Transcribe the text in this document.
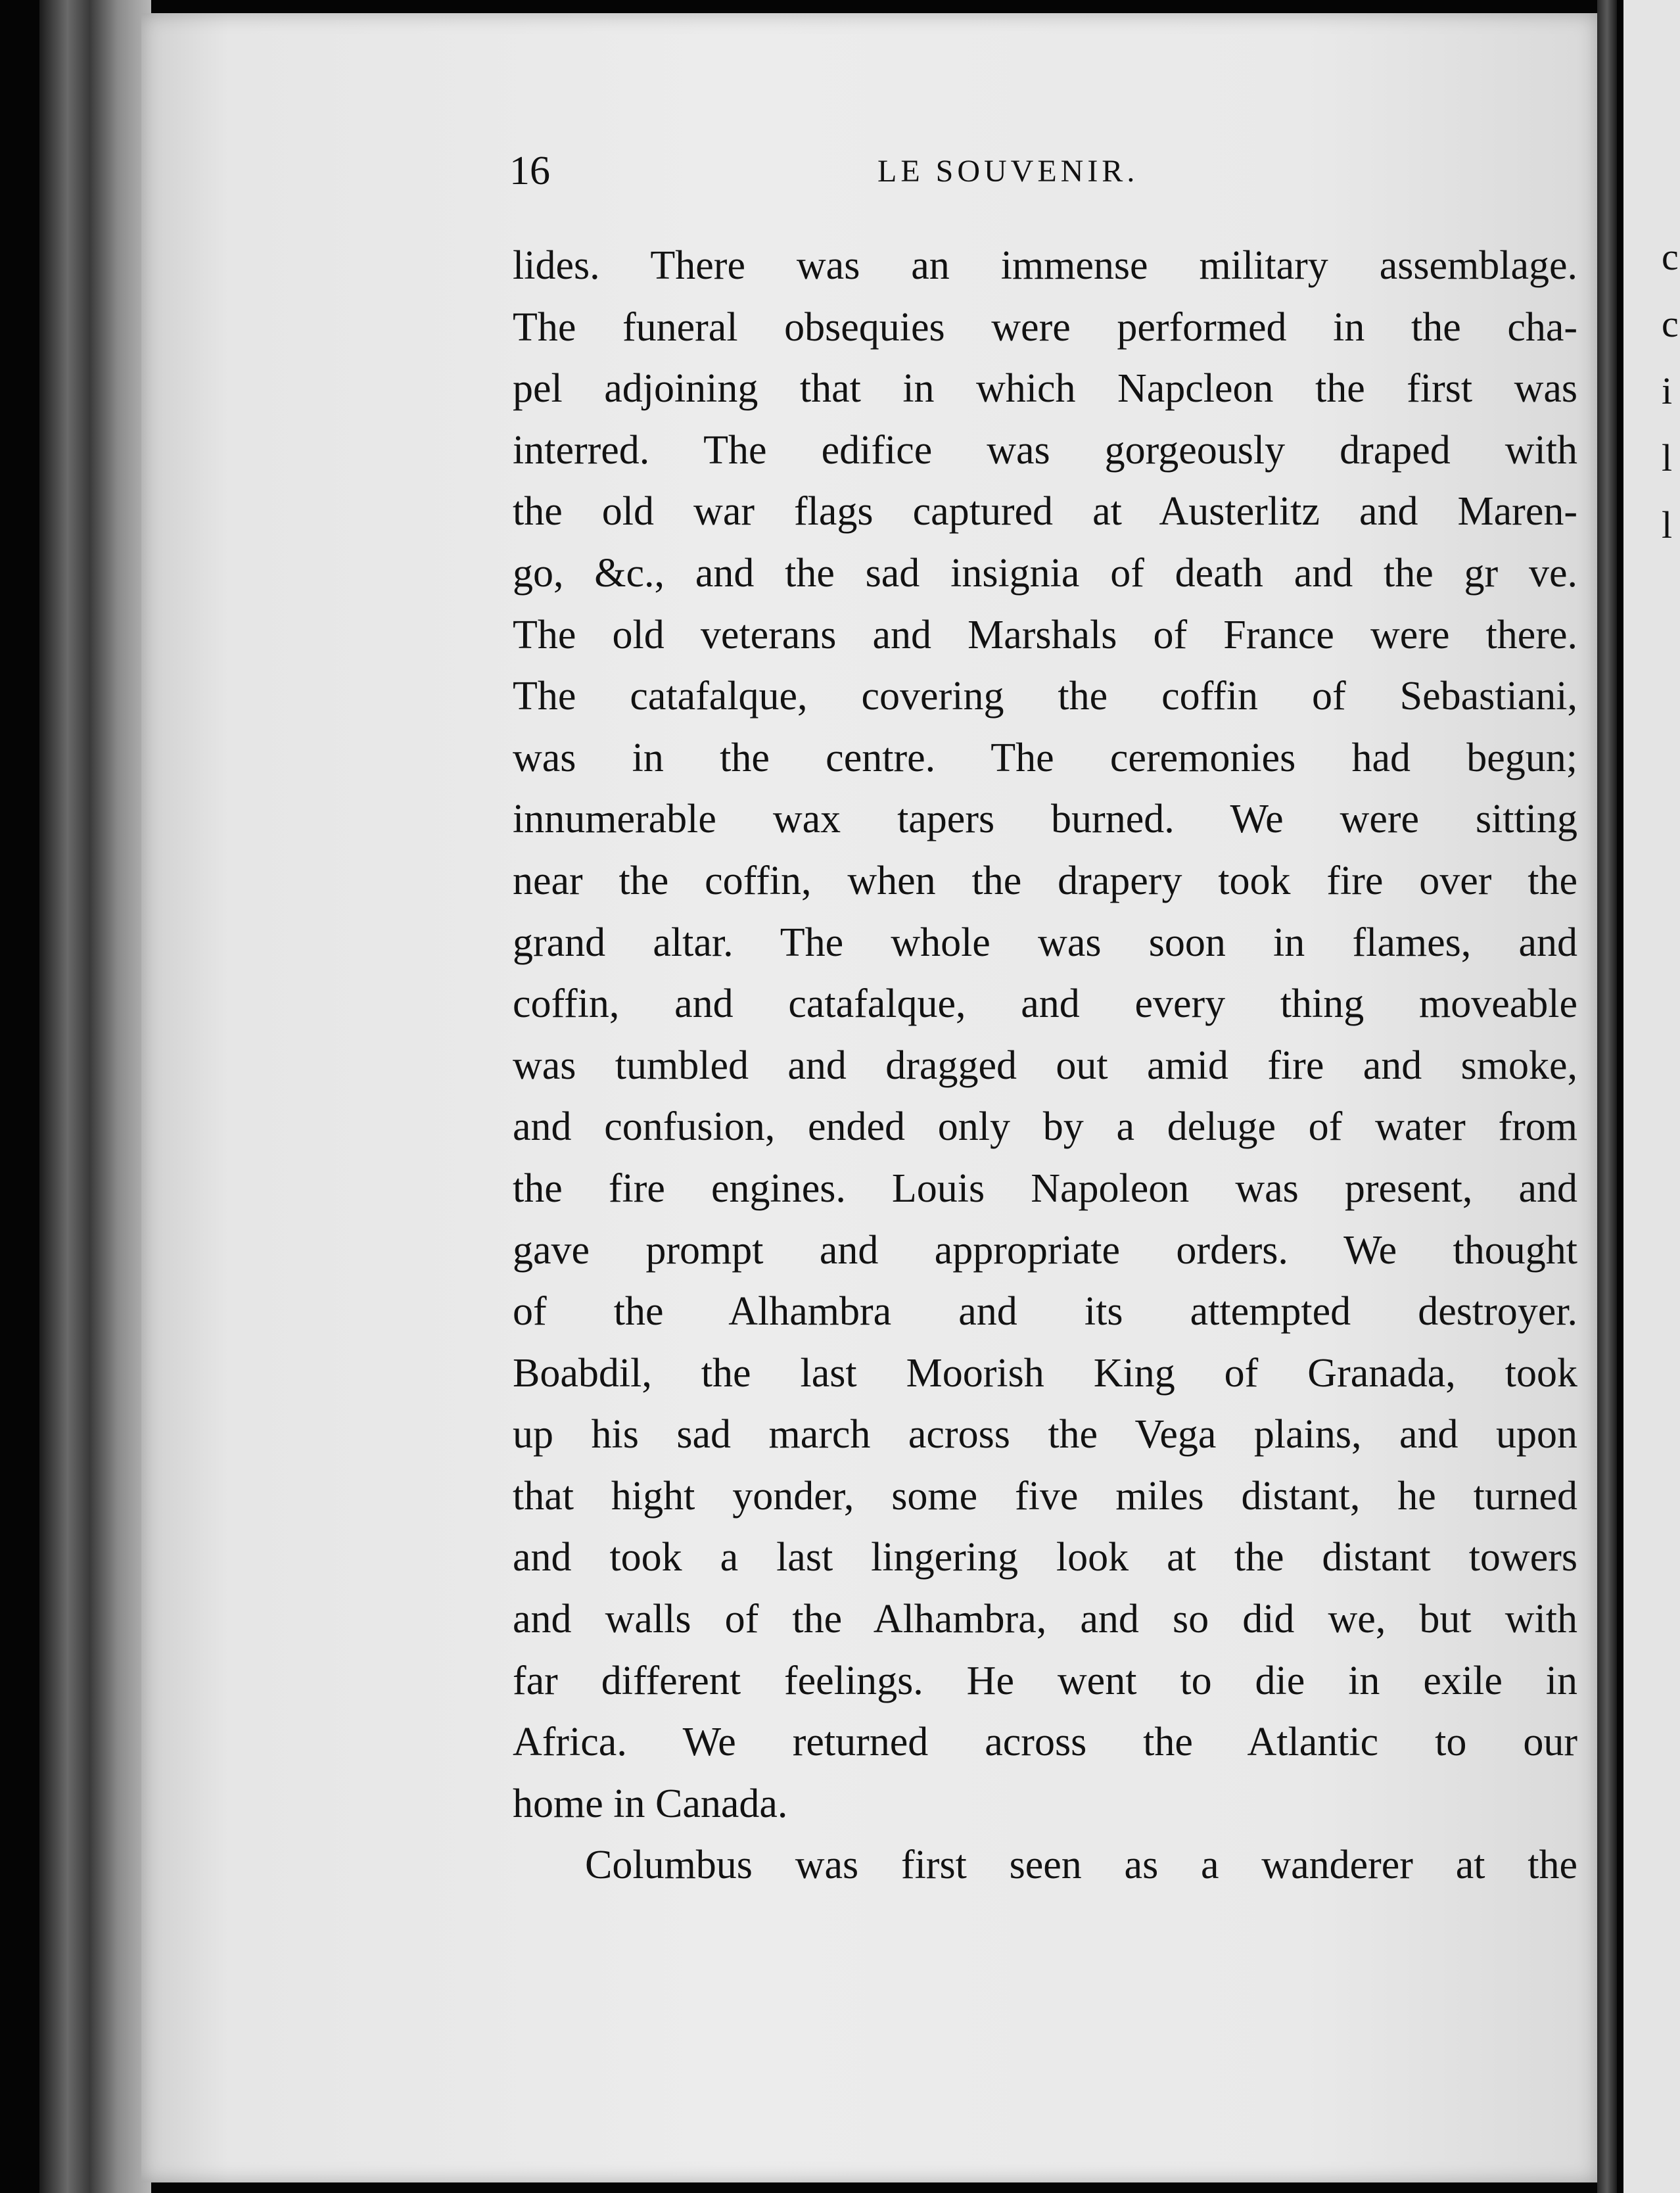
c
c
i
l
l
16	LE SOUVENIR.
lides. There was an immense military assemblage.
The funeral obsequies were performed in the cha-
pel adjoining that in which Napcleon the first was
interred. The edifice was gorgeously draped with
the old war flags captured at Austerlitz and Maren-
go, &c., and the sad insignia of death and the gr ve.
The old veterans and Marshals of France were there.
The catafalque, covering the coffin of Sebastiani,
was in the centre. The ceremonies had begun;
innumerable wax tapers burned. We were sitting
near the coffin, when the drapery took fire over the
grand altar. The whole was soon in flames, and
coffin, and catafalque, and every thing moveable
was tumbled and dragged out amid fire and smoke,
and confusion, ended only by a deluge of water from
the fire engines. Louis Napoleon was present, and
gave prompt and appropriate orders. We thought
of the Alhambra and its attempted destroyer.
Boabdil, the last Moorish King of Granada, took
up his sad march across the Vega plains, and upon
that hight yonder, some five miles distant, he turned
and took a last lingering look at the distant towers
and walls of the Alhambra, and so did we, but with
far different feelings. He went to die in exile in
Africa. We returned across the Atlantic to our
home in Canada.
Columbus was first seen as a wanderer at the
